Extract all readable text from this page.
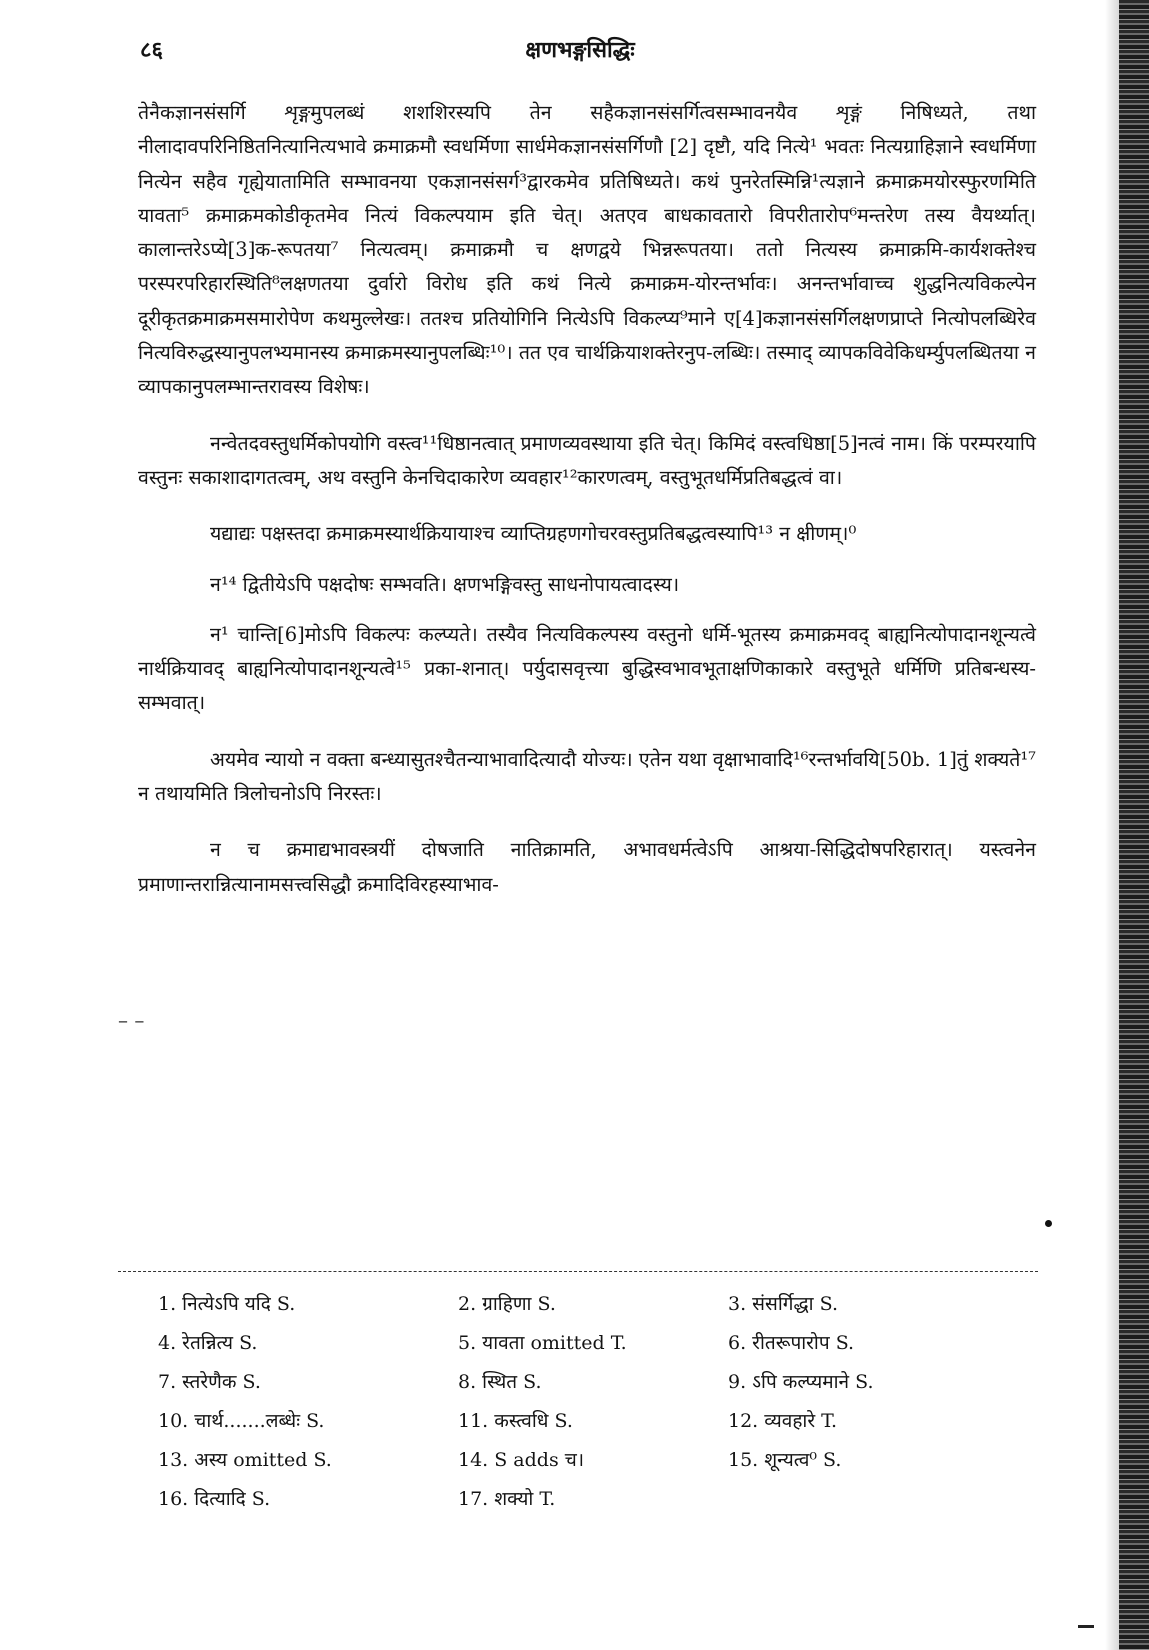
८६	क्षणभङ्गसिद्धिः

तेनैकज्ञानसंसर्गि शृङ्गमुपलब्धं शशशिरस्यपि तेन सहैकज्ञानसंसर्गित्वसम्भावनयैव शृङ्गं निषिध्यते, तथा नीलादावपरिनिष्ठितनित्यानित्यभावे क्रमाक्रमौ स्वधर्मिणा सार्धमेकज्ञानसंसर्गिणौ [2] दृष्टौ, यदि नित्ये¹ भवतः नित्यग्राहिज्ञाने स्वधर्मिणा नित्येन सहैव गृह्येयातामिति सम्भावनया एकज्ञानसंसर्ग³द्वारकमेव प्रतिषिध्यते। कथं पुनरेतस्मिन्नि¹त्यज्ञाने क्रमाक्रमयोरस्फुरणमिति यावता⁵ क्रमाक्रमकोडीकृतमेव नित्यं विकल्पयाम इति चेत्। अतएव बाधकावतारो विपरीतारोप⁶मन्तरेण तस्य वैयर्थ्यात्। कालान्तरेऽप्ये[3]क-रूपतया⁷ नित्यत्वम्। क्रमाक्रमौ च क्षणद्वये भिन्नरूपतया। ततो नित्यस्य क्रमाक्रमि-कार्यशक्तेश्च परस्परपरिहारस्थिति⁸लक्षणतया दुर्वारो विरोध इति कथं नित्ये क्रमाक्रम-योरन्तर्भावः। अनन्तर्भावाच्च शुद्धनित्यविकल्पेन दूरीकृतक्रमाक्रमसमारोपेण कथमुल्लेखः। ततश्च प्रतियोगिनि नित्येऽपि विकल्प्य⁹माने ए[4]कज्ञानसंसर्गिलक्षणप्राप्ते नित्योपलब्धिरेव नित्यविरुद्धस्यानुपलभ्यमानस्य क्रमाक्रमस्यानुपलब्धिः¹⁰। तत एव चार्थक्रियाशक्तेरनुप-लब्धिः। तस्माद् व्यापकविवेकिधर्म्युपलब्धितया न व्यापकानुपलम्भान्तरावस्य विशेषः।

नन्वेतदवस्तुधर्मिकोपयोगि वस्त्व¹¹धिष्ठानत्वात् प्रमाणव्यवस्थाया इति चेत्। किमिदं वस्त्वधिष्ठा[5]नत्वं नाम। किं परम्परयापि वस्तुनः सकाशादागतत्वम्, अथ वस्तुनि केनचिदाकारेण व्यवहार¹²कारणत्वम्, वस्तुभूतधर्मिप्रतिबद्धत्वं वा।

यद्याद्यः पक्षस्तदा क्रमाक्रमस्यार्थक्रियायाश्च व्याप्तिग्रहणगोचरवस्तुप्रतिबद्धत्वस्यापि¹³ न क्षीणम्।⁰

न¹⁴ द्वितीयेऽपि पक्षदोषः सम्भवति। क्षणभङ्गिवस्तु साधनोपायत्वादस्य।

न¹ चान्ति[6]मोऽपि विकल्पः कल्प्यते। तस्यैव नित्यविकल्पस्य वस्तुनो धर्मि-भूतस्य क्रमाक्रमवद् बाह्यनित्योपादानशून्यत्वे नार्थक्रियावद् बाह्यनित्योपादानशून्यत्वे¹⁵ प्रका-शनात्। पर्युदासवृत्त्या बुद्धिस्वभावभूताक्षणिकाकारे वस्तुभूते धर्मिणि प्रतिबन्धस्य-सम्भवात्।

अयमेव न्यायो न वक्ता बन्ध्यासुतश्चैतन्याभावादित्यादौ योज्यः। एतेन यथा वृक्षाभावादि¹⁶रन्तर्भावयि[50b. 1]तुं शक्यते¹⁷ न तथायमिति त्रिलोचनोऽपि निरस्तः।

न च क्रमाद्यभावस्त्रयीं दोषजाति नातिक्रामति, अभावधर्मत्वेऽपि आश्रया-सिद्धिदोषपरिहारात्। यस्त्वनेन प्रमाणान्तरान्नित्यानामसत्त्वसिद्धौ क्रमादिविरहस्याभाव-

– –
1. नित्येऽपि यदि S.	2. ग्राहिणा S.	3. संसर्गिद्धा S.
4. रेतन्नित्य S.	5. यावता omitted T.	6. रीतरूपारोप S.
7. स्तरेणैक S.	8. स्थित S.	9. ऽपि कल्प्यमाने S.
10. चार्थ.......लब्धेः S.	11. कस्त्वधि S.	12. व्यवहारे T.
13. अस्य omitted S.	14. S adds च।	15. शून्यत्व⁰ S.
16. दित्यादि S.	17. शक्यो T.
